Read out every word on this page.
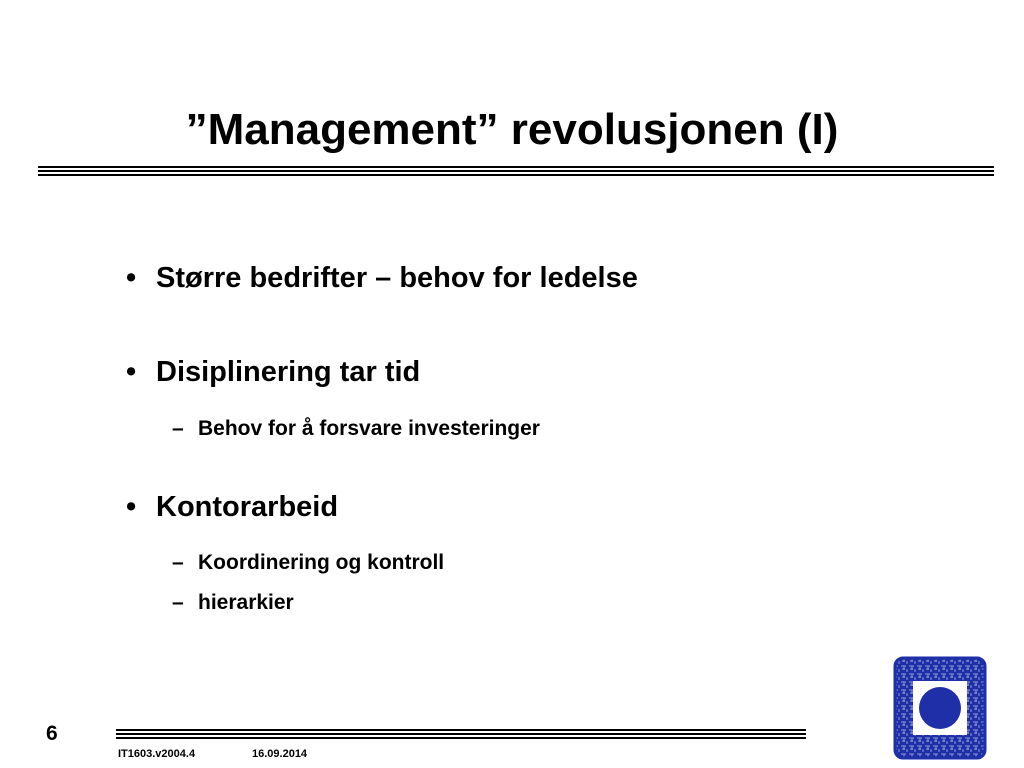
”Management” revolusjonen (I)
• Større bedrifter – behov for ledelse
• Disiplinering tar tid
– Behov for å forsvare investeringer
• Kontorarbeid
– Koordinering og kontroll
– hierarkier
6
IT1603.v2004.4	16.09.2014
